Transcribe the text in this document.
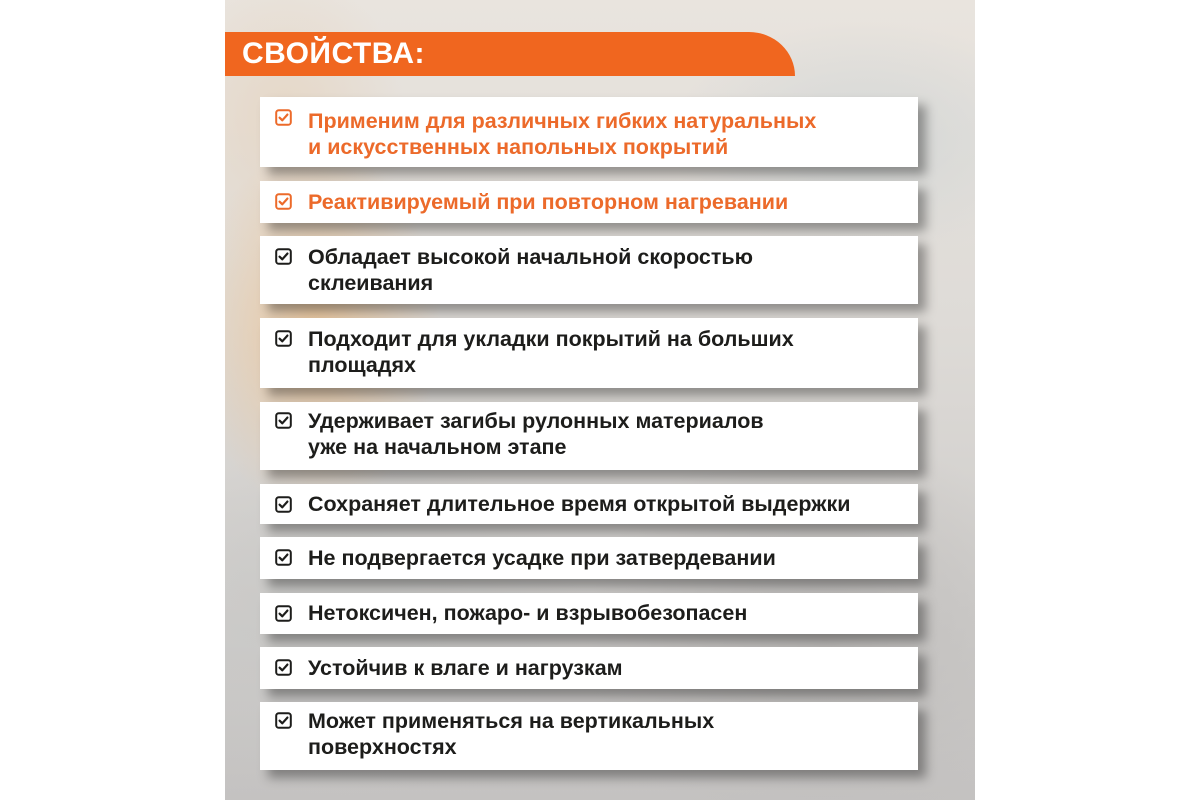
СВОЙСТВА:
Применим для различных гибких натуральных
и искусственных напольных покрытий
Реактивируемый при повторном нагревании
Обладает высокой начальной скоростью
склеивания
Подходит для укладки покрытий на больших
площадях
Удерживает загибы рулонных материалов
уже на начальном этапе
Сохраняет длительное время открытой выдержки
Не подвергается усадке при затвердевании
Нетоксичен, пожаро- и взрывобезопасен
Устойчив к влаге и нагрузкам
Может применяться на вертикальных
поверхностях
